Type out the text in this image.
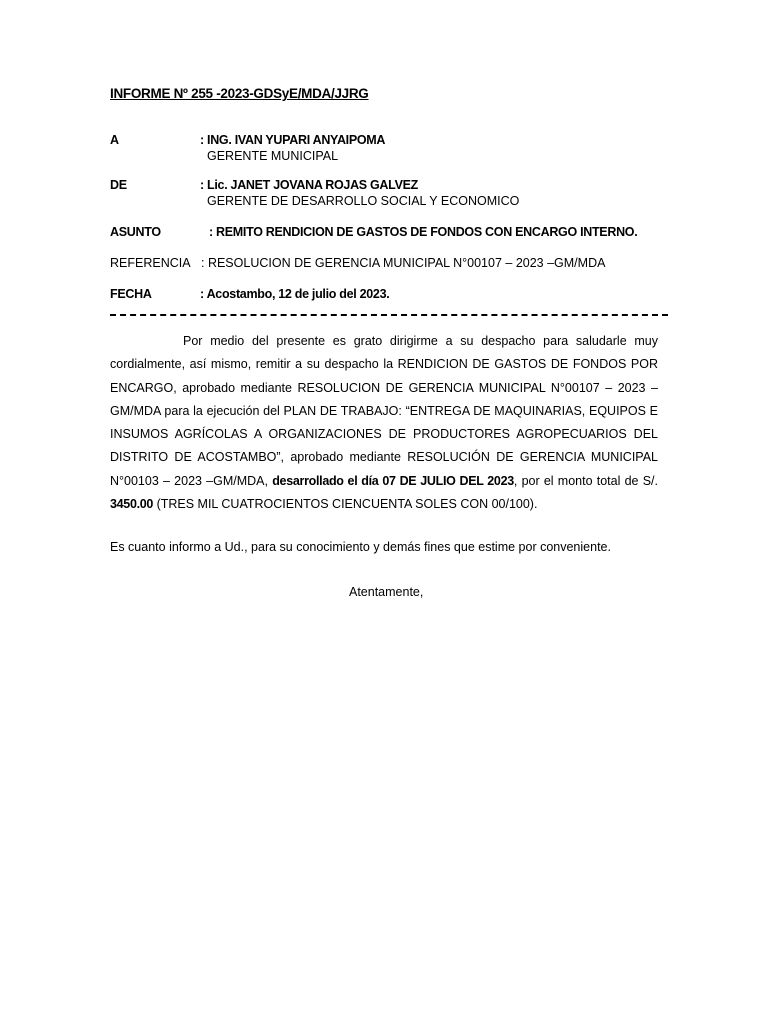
INFORME Nº 255 -2023-GDSyE/MDA/JJRG
A	: ING. IVAN YUPARI ANYAIPOMA
GERENTE MUNICIPAL
DE	: Lic. JANET JOVANA ROJAS GALVEZ
GERENTE DE DESARROLLO SOCIAL Y ECONOMICO
ASUNTO	: REMITO RENDICION DE GASTOS DE FONDOS CON ENCARGO INTERNO.
REFERENCIA : RESOLUCION DE GERENCIA MUNICIPAL N°00107 – 2023 –GM/MDA
FECHA	: Acostambo, 12 de julio del 2023.
Por medio del presente es grato dirigirme a su despacho para saludarle muy cordialmente, así mismo, remitir a su despacho la RENDICION DE GASTOS DE FONDOS POR ENCARGO, aprobado mediante RESOLUCION DE GERENCIA MUNICIPAL N°00107 – 2023 –GM/MDA para la ejecución del PLAN DE TRABAJO: “ENTREGA DE MAQUINARIAS, EQUIPOS E INSUMOS AGRÍCOLAS A ORGANIZACIONES DE PRODUCTORES AGROPECUARIOS DEL DISTRITO DE ACOSTAMBO”, aprobado mediante RESOLUCIÓN DE GERENCIA MUNICIPAL N°00103 – 2023 –GM/MDA, desarrollado el día 07 DE JULIO DEL 2023, por el monto total de S/. 3450.00 (TRES MIL CUATROCIENTOS CIENCUENTA SOLES CON 00/100).
Es cuanto informo a Ud., para su conocimiento y demás fines que estime por conveniente.
Atentamente,
